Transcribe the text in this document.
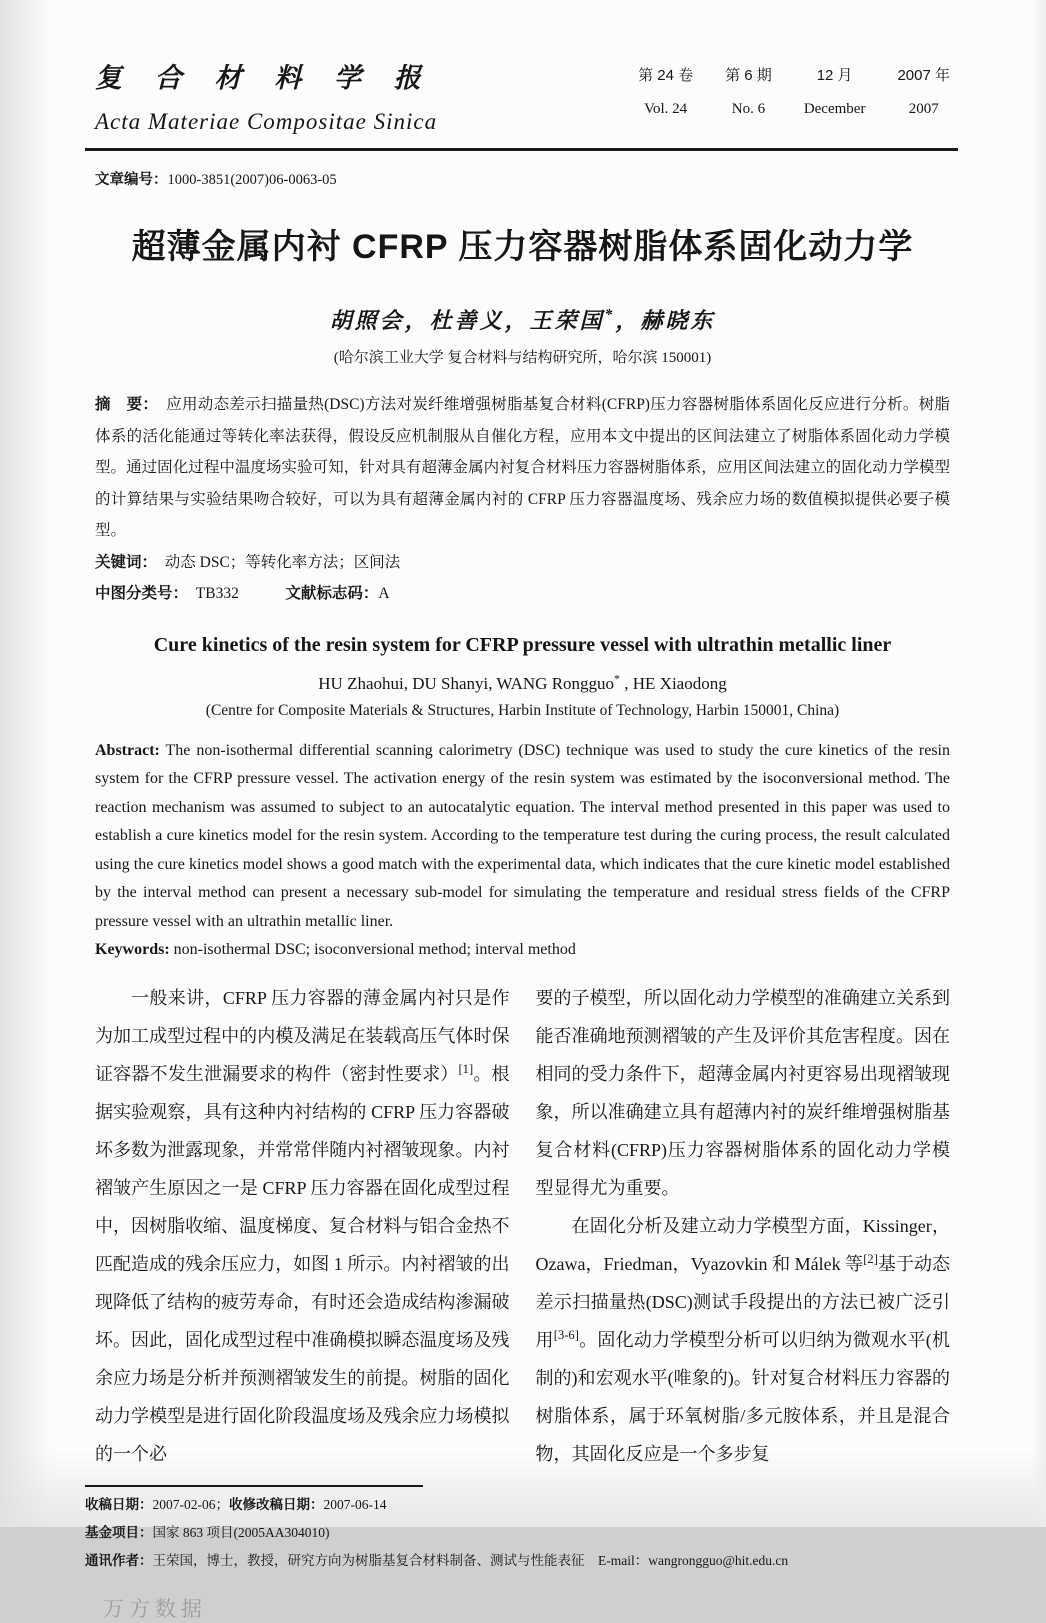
复 合 材 料 学 报
Acta Materiae Compositae Sinica
第 24 卷
Vol. 24
第 6 期
No. 6
12 月
December
2007 年
2007

文章编号：1000-3851(2007)06-0063-05

超薄金属内衬 CFRP 压力容器树脂体系固化动力学
胡照会，杜善义，王荣国*，赫晓东
(哈尔滨工业大学 复合材料与结构研究所，哈尔滨 150001)

摘　要：　应用动态差示扫描量热(DSC)方法对炭纤维增强树脂基复合材料(CFRP)压力容器树脂体系固化反应进行分析。树脂体系的活化能通过等转化率法获得，假设反应机制服从自催化方程，应用本文中提出的区间法建立了树脂体系固化动力学模型。通过固化过程中温度场实验可知，针对具有超薄金属内衬复合材料压力容器树脂体系，应用区间法建立的固化动力学模型的计算结果与实验结果吻合较好，可以为具有超薄金属内衬的 CFRP 压力容器温度场、残余应力场的数值模拟提供必要子模型。

关键词：　动态 DSC；等转化率方法；区间法

中图分类号：　TB332　　　文献标志码：A

Cure kinetics of the resin system for CFRP pressure vessel with ultrathin metallic liner
HU Zhaohui, DU Shanyi, WANG Rongguo* , HE Xiaodong
(Centre for Composite Materials & Structures, Harbin Institute of Technology, Harbin 150001, China)

Abstract: The non-isothermal differential scanning calorimetry (DSC) technique was used to study the cure kinetics of the resin system for the CFRP pressure vessel. The activation energy of the resin system was estimated by the isoconversional method. The reaction mechanism was assumed to subject to an autocatalytic equation. The interval method presented in this paper was used to establish a cure kinetics model for the resin system. According to the temperature test during the curing process, the result calculated using the cure kinetics model shows a good match with the experimental data, which indicates that the cure kinetic model established by the interval method can present a necessary sub-model for simulating the temperature and residual stress fields of the CFRP pressure vessel with an ultrathin metallic liner.

Keywords: non-isothermal DSC; isoconversional method; interval method

一般来讲，CFRP 压力容器的薄金属内衬只是作为加工成型过程中的内模及满足在装载高压气体时保证容器不发生泄漏要求的构件（密封性要求）[1]。根据实验观察，具有这种内衬结构的 CFRP 压力容器破坏多数为泄露现象，并常常伴随内衬褶皱现象。内衬褶皱产生原因之一是 CFRP 压力容器在固化成型过程中，因树脂收缩、温度梯度、复合材料与铝合金热不匹配造成的残余压应力，如图 1 所示。内衬褶皱的出现降低了结构的疲劳寿命，有时还会造成结构渗漏破坏。因此，固化成型过程中准确模拟瞬态温度场及残余应力场是分析并预测褶皱发生的前提。树脂的固化动力学模型是进行固化阶段温度场及残余应力场模拟的一个必

要的子模型，所以固化动力学模型的准确建立关系到能否准确地预测褶皱的产生及评价其危害程度。因在相同的受力条件下，超薄金属内衬更容易出现褶皱现象，所以准确建立具有超薄内衬的炭纤维增强树脂基复合材料(CFRP)压力容器树脂体系的固化动力学模型显得尤为重要。

在固化分析及建立动力学模型方面，Kissinger，Ozawa，Friedman，Vyazovkin 和 Málek 等[2]基于动态差示扫描量热(DSC)测试手段提出的方法已被广泛引用[3-6]。固化动力学模型分析可以归纳为微观水平(机制的)和宏观水平(唯象的)。针对复合材料压力容器的树脂体系，属于环氧树脂/多元胺体系，并且是混合物，其固化反应是一个多步复

收稿日期：2007-02-06；收修改稿日期：2007-06-14

基金项目：国家 863 项目(2005AA304010)

通讯作者：王荣国，博士，教授，研究方向为树脂基复合材料制备、测试与性能表征　E-mail：wangrongguo@hit.edu.cn

万方数据
